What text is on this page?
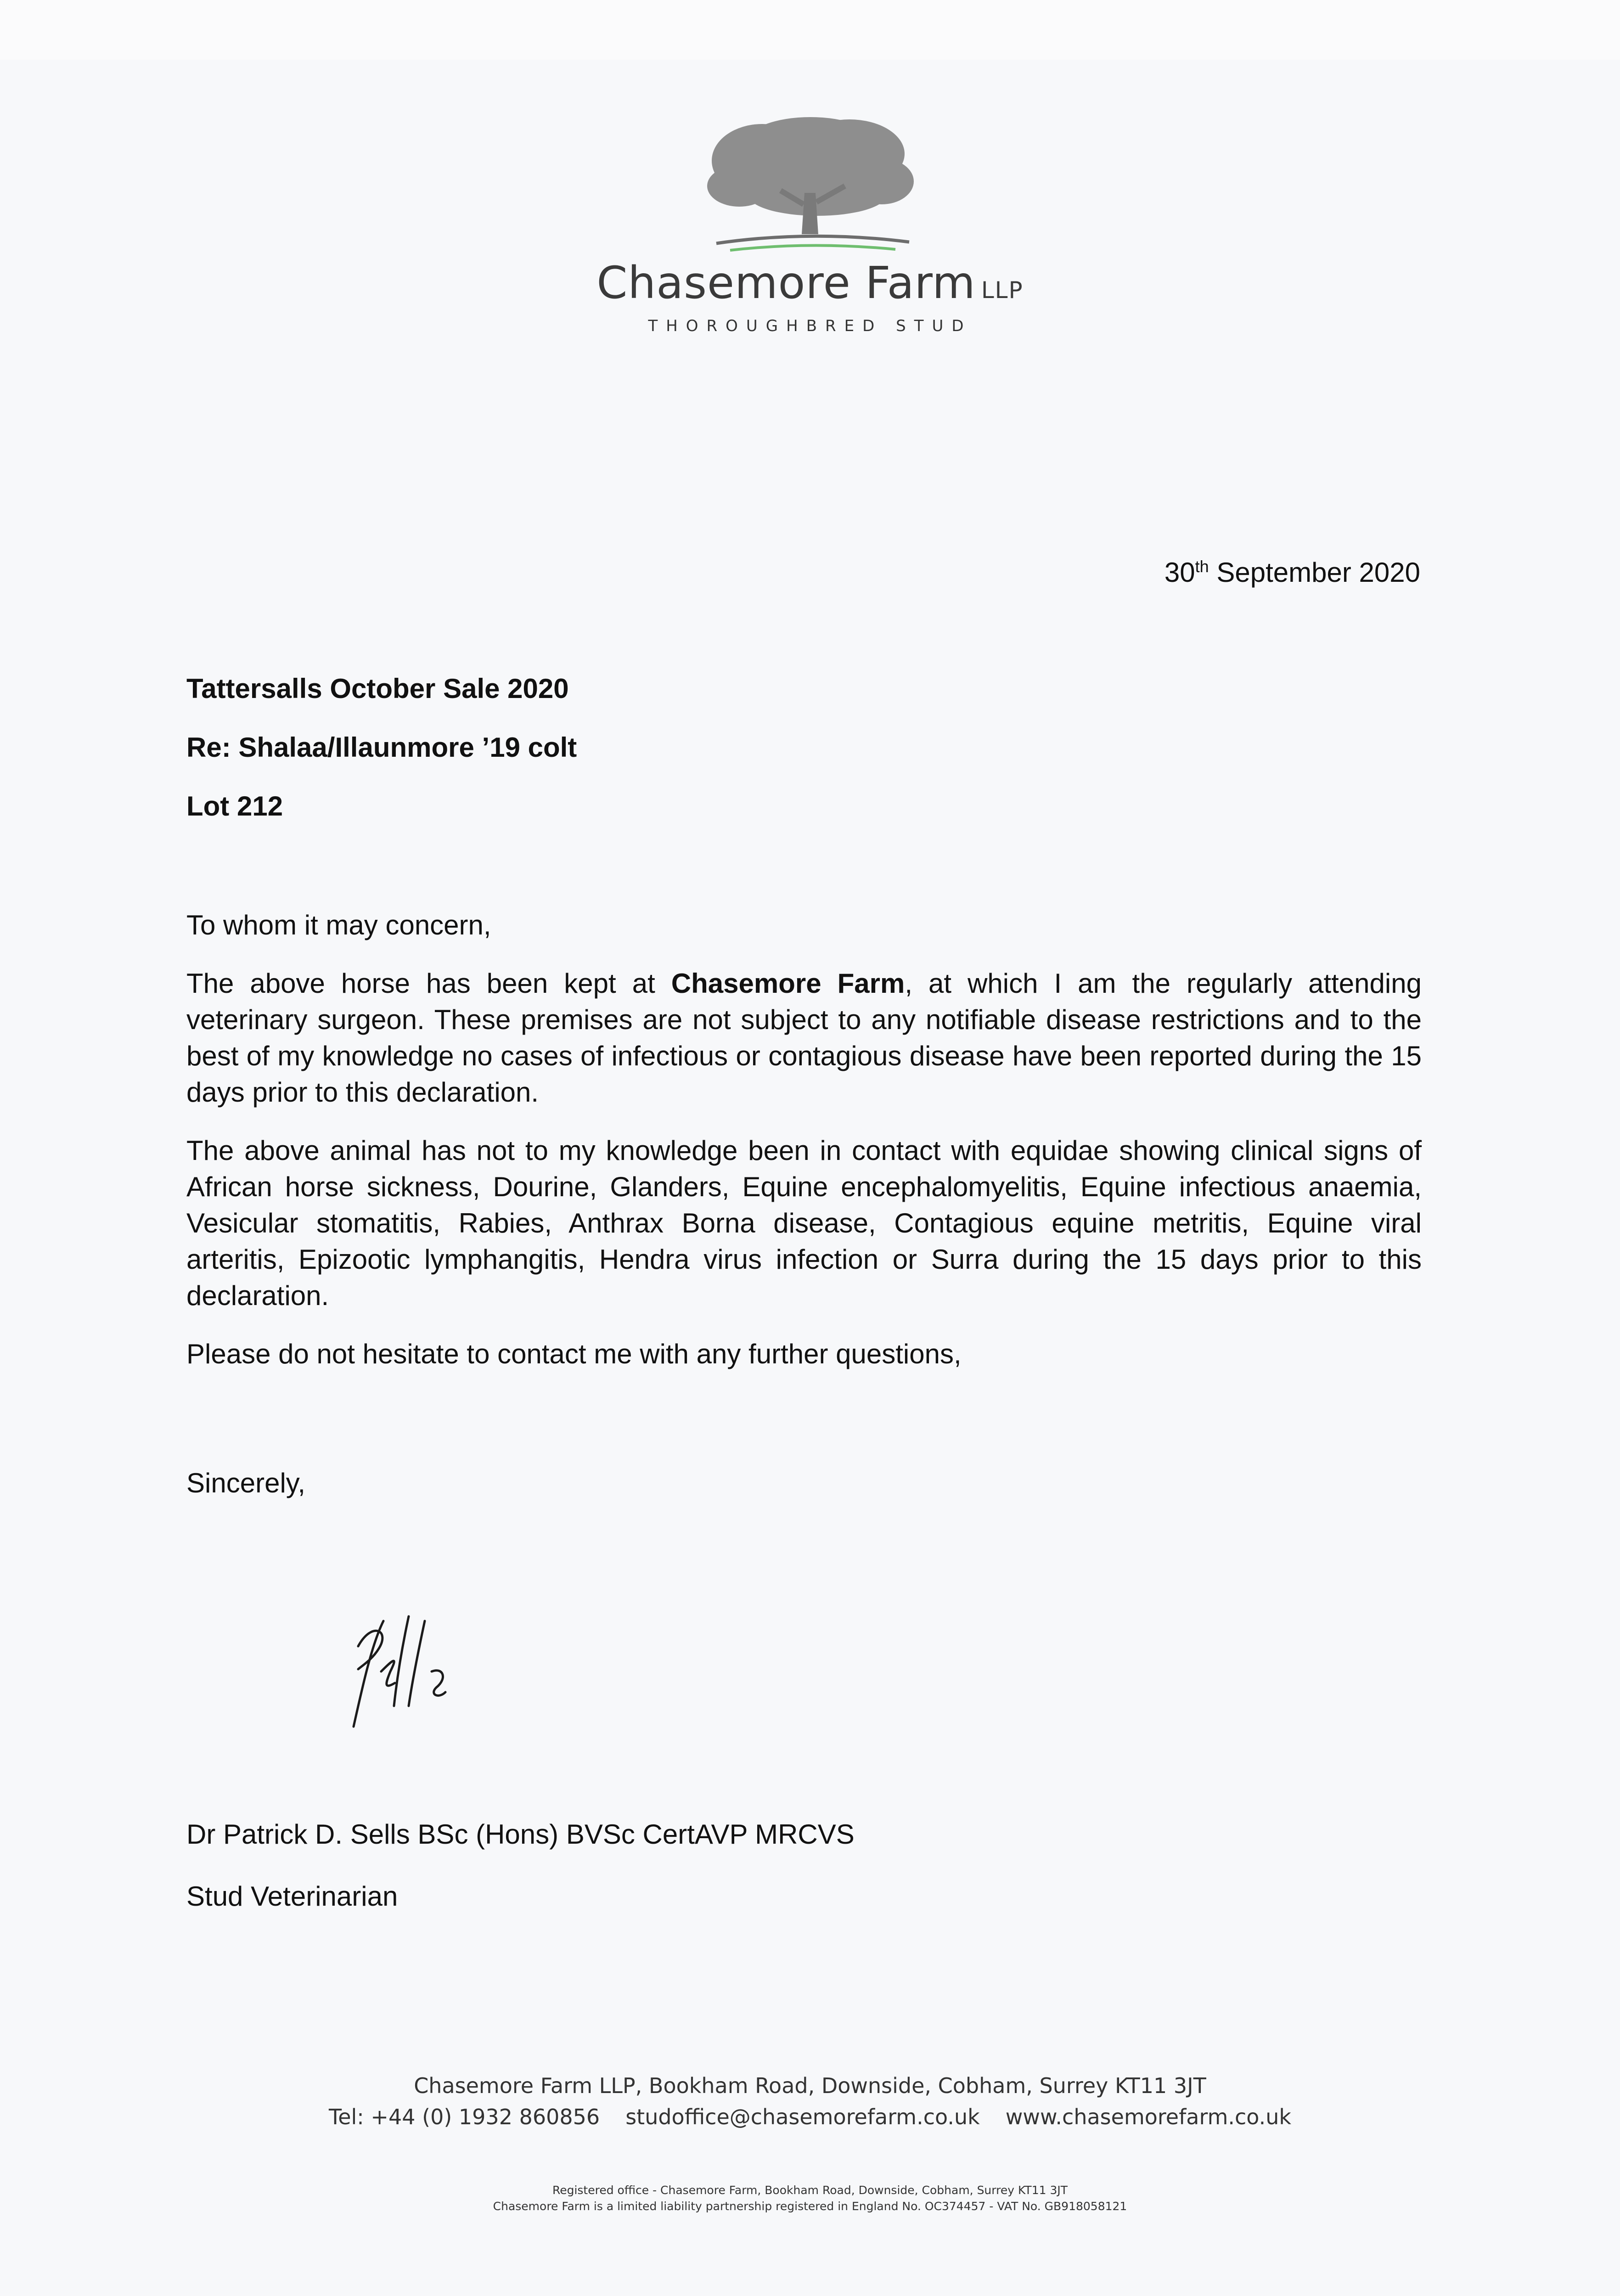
Chasemore Farm LLP
THOROUGHBRED STUD
30th September 2020
Tattersalls October Sale 2020
Re: Shalaa/Illaunmore ’19 colt
Lot 212

To whom it may concern,

The above horse has been kept at Chasemore Farm, at which I am the regularly attending veterinary surgeon. These premises are not subject to any notifiable disease restrictions and to the best of my knowledge no cases of infectious or contagious disease have been reported during the 15 days prior to this declaration.

The above animal has not to my knowledge been in contact with equidae showing clinical signs of African horse sickness, Dourine, Glanders, Equine encephalomyelitis, Equine infectious anaemia, Vesicular stomatitis, Rabies, Anthrax Borna disease, Contagious equine metritis, Equine viral arteritis, Epizootic lymphangitis, Hendra virus infection or Surra during the 15 days prior to this declaration.

Please do not hesitate to contact me with any further questions,

Sincerely,
Dr Patrick D. Sells BSc (Hons) BVSc CertAVP MRCVS
Stud Veterinarian
Chasemore Farm LLP, Bookham Road, Downside, Cobham, Surrey KT11 3JT
Tel: +44 (0) 1932 860856 studoffice@chasemorefarm.co.uk www.chasemorefarm.co.uk
Registered office - Chasemore Farm, Bookham Road, Downside, Cobham, Surrey KT11 3JT
Chasemore Farm is a limited liability partnership registered in England No. OC374457 - VAT No. GB918058121
